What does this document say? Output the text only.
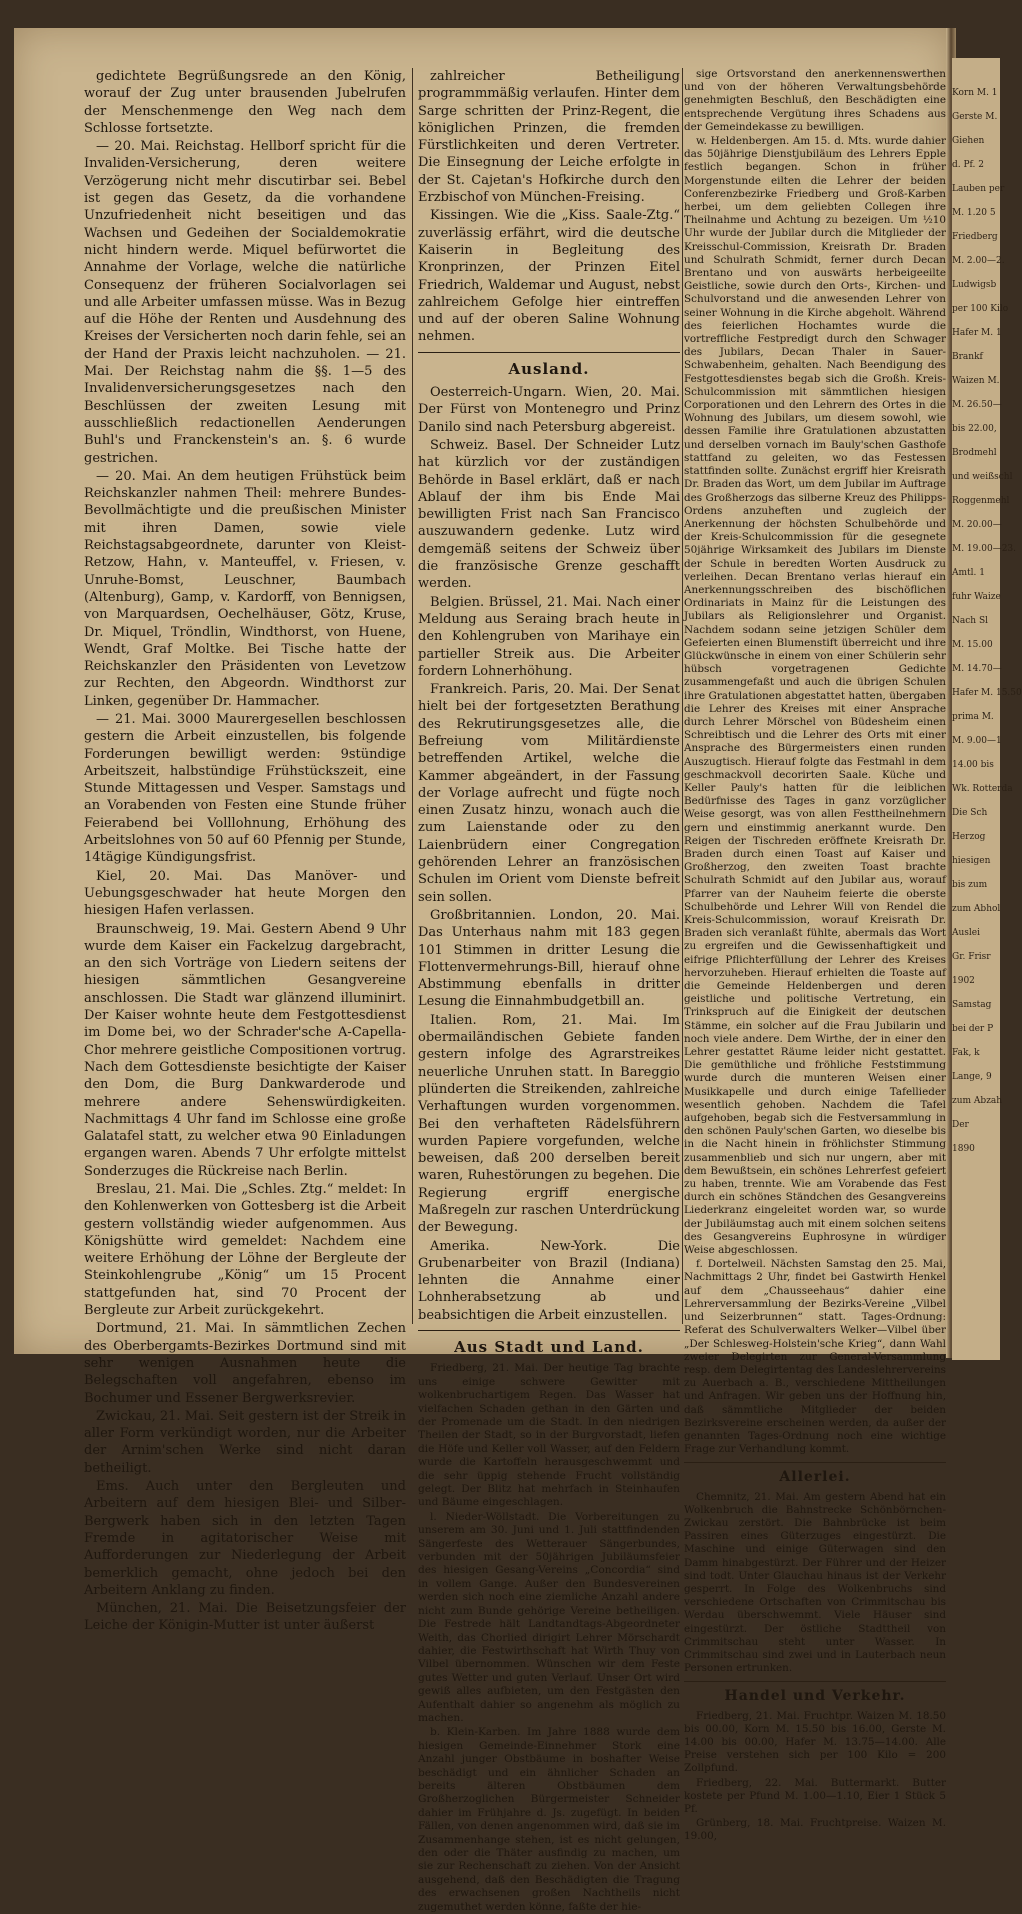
Korn M. 1
Gerste M.
Giehen
d. Pf. 2
Lauben per
M. 1.20 5
Friedberg
M. 2.00—2.
Ludwigsb
per 100 Kilo
Hafer M. 1
Brankf
Waizen M.
M. 26.50—
bis 22.00,
Brodmehl
und weißschl
Roggenmehl
M. 20.00—
M. 19.00—23.
Amtl. 1
fuhr Waize
Nach Sl
M. 15.00
M. 14.70—
Hafer M. 15.50
prima M.
M. 9.00—1
14.00 bis
Wk. Rotterda
Die Sch
Herzog
hiesigen
bis zum
zum Abhol
Auslei
Gr. Frisr
1902
Samstag
bei der P
Fak, k
Lange, 9
zum Abzah
Der
1890

gedichtete Begrüßungsrede an den König, worauf der Zug unter brausenden Jubelrufen der Menschenmenge den Weg nach dem Schlosse fortsetzte.

— 20. Mai. Reichstag. Hellborf spricht für die Invaliden-Versicherung, deren weitere Verzögerung nicht mehr discutirbar sei. Bebel ist gegen das Gesetz, da die vorhandene Unzufriedenheit nicht beseitigen und das Wachsen und Gedeihen der Socialdemokratie nicht hindern werde. Miquel befürwortet die Annahme der Vorlage, welche die natürliche Consequenz der früheren Socialvorlagen sei und alle Arbeiter umfassen müsse. Was in Bezug auf die Höhe der Renten und Ausdehnung des Kreises der Versicherten noch darin fehle, sei an der Hand der Praxis leicht nachzuholen. — 21. Mai. Der Reichstag nahm die §§. 1—5 des Invalidenversicherungsgesetzes nach den Beschlüssen der zweiten Lesung mit ausschließlich redactionellen Aenderungen Buhl's und Franckenstein's an. §. 6 wurde gestrichen.

— 20. Mai. An dem heutigen Frühstück beim Reichskanzler nahmen Theil: mehrere Bundes-Bevollmächtigte und die preußischen Minister mit ihren Damen, sowie viele Reichstagsabgeordnete, darunter von Kleist-Retzow, Hahn, v. Manteuffel, v. Friesen, v. Unruhe-Bomst, Leuschner, Baumbach (Altenburg), Gamp, v. Kardorff, von Bennigsen, von Marquardsen, Oechelhäuser, Götz, Kruse, Dr. Miquel, Tröndlin, Windthorst, von Huene, Wendt, Graf Moltke. Bei Tische hatte der Reichskanzler den Präsidenten von Levetzow zur Rechten, den Abgeordn. Windthorst zur Linken, gegenüber Dr. Hammacher.

— 21. Mai. 3000 Maurergesellen beschlossen gestern die Arbeit einzustellen, bis folgende Forderungen bewilligt werden: 9stündige Arbeitszeit, halbstündige Frühstückszeit, eine Stunde Mittagessen und Vesper. Samstags und an Vorabenden von Festen eine Stunde früher Feierabend bei Volllohnung, Erhöhung des Arbeitslohnes von 50 auf 60 Pfennig per Stunde, 14tägige Kündigungsfrist.

Kiel, 20. Mai. Das Manöver- und Uebungsgeschwader hat heute Morgen den hiesigen Hafen verlassen.

Braunschweig, 19. Mai. Gestern Abend 9 Uhr wurde dem Kaiser ein Fackelzug dargebracht, an den sich Vorträge von Liedern seitens der hiesigen sämmtlichen Gesangvereine anschlossen. Die Stadt war glänzend illuminirt. Der Kaiser wohnte heute dem Festgottesdienst im Dome bei, wo der Schrader'sche A-Capella-Chor mehrere geistliche Compositionen vortrug. Nach dem Gottesdienste besichtigte der Kaiser den Dom, die Burg Dankwarderode und mehrere andere Sehenswürdigkeiten. Nachmittags 4 Uhr fand im Schlosse eine große Galatafel statt, zu welcher etwa 90 Einladungen ergangen waren. Abends 7 Uhr erfolgte mittelst Sonderzuges die Rückreise nach Berlin.

Breslau, 21. Mai. Die „Schles. Ztg.“ meldet: In den Kohlenwerken von Gottesberg ist die Arbeit gestern vollständig wieder aufgenommen. Aus Königshütte wird gemeldet: Nachdem eine weitere Erhöhung der Löhne der Bergleute der Steinkohlengrube „König“ um 15 Procent stattgefunden hat, sind 70 Procent der Bergleute zur Arbeit zurückgekehrt.

Dortmund, 21. Mai. In sämmtlichen Zechen des Oberbergamts-Bezirkes Dortmund sind mit sehr wenigen Ausnahmen heute die Belegschaften voll angefahren, ebenso im Bochumer und Essener Bergwerksrevier.

Zwickau, 21. Mai. Seit gestern ist der Streik in aller Form verkündigt worden, nur die Arbeiter der Arnim'schen Werke sind nicht daran betheiligt.

Ems. Auch unter den Bergleuten und Arbeitern auf dem hiesigen Blei- und Silber-Bergwerk haben sich in den letzten Tagen Fremde in agitatorischer Weise mit Aufforderungen zur Niederlegung der Arbeit bemerklich gemacht, ohne jedoch bei den Arbeitern Anklang zu finden.

München, 21. Mai. Die Beisetzungsfeier der Leiche der Königin-Mutter ist unter äußerst

zahlreicher Betheiligung programmmäßig verlaufen. Hinter dem Sarge schritten der Prinz-Regent, die königlichen Prinzen, die fremden Fürstlichkeiten und deren Vertreter. Die Einsegnung der Leiche erfolgte in der St. Cajetan's Hofkirche durch den Erzbischof von München-Freising.

Kissingen. Wie die „Kiss. Saale-Ztg.“ zuverlässig erfährt, wird die deutsche Kaiserin in Begleitung des Kronprinzen, der Prinzen Eitel Friedrich, Waldemar und August, nebst zahlreichem Gefolge hier eintreffen und auf der oberen Saline Wohnung nehmen.

Ausland.

Oesterreich-Ungarn. Wien, 20. Mai. Der Fürst von Montenegro und Prinz Danilo sind nach Petersburg abgereist.

Schweiz. Basel. Der Schneider Lutz hat kürzlich vor der zuständigen Behörde in Basel erklärt, daß er nach Ablauf der ihm bis Ende Mai bewilligten Frist nach San Francisco auszuwandern gedenke. Lutz wird demgemäß seitens der Schweiz über die französische Grenze geschafft werden.

Belgien. Brüssel, 21. Mai. Nach einer Meldung aus Seraing brach heute in den Kohlengruben von Marihaye ein partieller Streik aus. Die Arbeiter fordern Lohnerhöhung.

Frankreich. Paris, 20. Mai. Der Senat hielt bei der fortgesetzten Berathung des Rekrutirungsgesetzes alle, die Befreiung vom Militärdienste betreffenden Artikel, welche die Kammer abgeändert, in der Fassung der Vorlage aufrecht und fügte noch einen Zusatz hinzu, wonach auch die zum Laienstande oder zu den Laienbrüdern einer Congregation gehörenden Lehrer an französischen Schulen im Orient vom Dienste befreit sein sollen.

Großbritannien. London, 20. Mai. Das Unterhaus nahm mit 183 gegen 101 Stimmen in dritter Lesung die Flottenvermehrungs-Bill, hierauf ohne Abstimmung ebenfalls in dritter Lesung die Einnahmbudgetbill an.

Italien. Rom, 21. Mai. Im obermailändischen Gebiete fanden gestern infolge des Agrarstreikes neuerliche Unruhen statt. In Bareggio plünderten die Streikenden, zahlreiche Verhaftungen wurden vorgenommen. Bei den verhafteten Rädelsführern wurden Papiere vorgefunden, welche beweisen, daß 200 derselben bereit waren, Ruhestörungen zu begehen. Die Regierung ergriff energische Maßregeln zur raschen Unterdrückung der Bewegung.

Amerika. New-York. Die Grubenarbeiter von Brazil (Indiana) lehnten die Annahme einer Lohnherabsetzung ab und beabsichtigen die Arbeit einzustellen.

Aus Stadt und Land.

Friedberg, 21. Mai. Der heutige Tag brachte uns einige schwere Gewitter mit wolkenbruchartigem Regen. Das Wasser hat vielfachen Schaden gethan in den Gärten und der Promenade um die Stadt. In den niedrigen Theilen der Stadt, so in der Burgvorstadt, liefen die Höfe und Keller voll Wasser, auf den Feldern wurde die Kartoffeln herausgeschwemmt und die sehr üppig stehende Frucht vollständig gelegt. Der Blitz hat mehrfach in Steinhaufen und Bäume eingeschlagen.

l. Nieder-Wöllstadt. Die Vorbereitungen zu unserem am 30. Juni und 1. Juli stattfindenden Sängerfeste des Wetterauer Sängerbundes, verbunden mit der 50jährigen Jubiläumsfeier des hiesigen Gesang-Vereins „Concordia“ sind in vollem Gange. Außer den Bundesvereinen werden sich noch eine ziemliche Anzahl andere nicht zum Bunde gehörige Vereine betheiligen. Die Festrede hält Landtandtags-Abgeordneter Weith, das Chorlied dirigirt Lehrer Mörschardt dahier, die Festwirthschaft hat Wirth Thuy von Vilbel übernommen. Wünschen wir dem Feste gutes Wetter und guten Verlauf. Unser Ort wird gewiß alles aufbieten, um den Festgästen den Aufenthalt dahier so angenehm als möglich zu machen.

b. Klein-Karben. Im Jahre 1888 wurde dem hiesigen Gemeinde-Einnehmer Stork eine Anzahl junger Obstbäume in boshafter Weise beschädigt und ein ähnlicher Schaden an bereits älteren Obstbäumen dem Großherzoglichen Bürgermeister Schneider dahier im Frühjahre d. Js. zugefügt. In beiden Fällen, von denen angenommen wird, daß sie im Zusammenhange stehen, ist es nicht gelungen, den oder die Thäter ausfindig zu machen, um sie zur Rechenschaft zu ziehen. Von der Ansicht ausgehend, daß den Beschädigten die Tragung des erwachsenen großen Nachtheils nicht zugemuthet werden könne, faßte der hie-

sige Ortsvorstand den anerkennenswerthen und von der höheren Verwaltungsbehörde genehmigten Beschluß, den Beschädigten eine entsprechende Vergütung ihres Schadens aus der Gemeindekasse zu bewilligen.

w. Heldenbergen. Am 15. d. Mts. wurde dahier das 50jährige Dienstjubiläum des Lehrers Epple festlich begangen. Schon in früher Morgenstunde eilten die Lehrer der beiden Conferenzbezirke Friedberg und Groß-Karben herbei, um dem geliebten Collegen ihre Theilnahme und Achtung zu bezeigen. Um ½10 Uhr wurde der Jubilar durch die Mitglieder der Kreisschul-Commission, Kreisrath Dr. Braden und Schulrath Schmidt, ferner durch Decan Brentano und von auswärts herbeigeeilte Geistliche, sowie durch den Orts-, Kirchen- und Schulvorstand und die anwesenden Lehrer von seiner Wohnung in die Kirche abgeholt. Während des feierlichen Hochamtes wurde die vortreffliche Festpredigt durch den Schwager des Jubilars, Decan Thaler in Sauer-Schwabenheim, gehalten. Nach Beendigung des Festgottesdienstes begab sich die Großh. Kreis-Schulcommission mit sämmtlichen hiesigen Corporationen und den Lehrern des Ortes in die Wohnung des Jubilars, um diesem sowohl, wie dessen Familie ihre Gratulationen abzustatten und derselben vornach im Bauly'schen Gasthofe stattfand zu geleiten, wo das Festessen stattfinden sollte. Zunächst ergriff hier Kreisrath Dr. Braden das Wort, um dem Jubilar im Auftrage des Großherzogs das silberne Kreuz des Philipps-Ordens anzuheften und zugleich der Anerkennung der höchsten Schulbehörde und der Kreis-Schulcommission für die gesegnete 50jährige Wirksamkeit des Jubilars im Dienste der Schule in beredten Worten Ausdruck zu verleihen. Decan Brentano verlas hierauf ein Anerkennungsschreiben des bischöflichen Ordinariats in Mainz für die Leistungen des Jubilars als Religionslehrer und Organist. Nachdem sodann seine jetzigen Schüler dem Gefeierten einen Blumenstift überreicht und ihre Glückwünsche in einem von einer Schülerin sehr hübsch vorgetragenen Gedichte zusammengefaßt und auch die übrigen Schulen ihre Gratulationen abgestattet hatten, übergaben die Lehrer des Kreises mit einer Ansprache durch Lehrer Mörschel von Büdesheim einen Schreibtisch und die Lehrer des Orts mit einer Ansprache des Bürgermeisters einen runden Auszugtisch. Hierauf folgte das Festmahl in dem geschmackvoll decorirten Saale. Küche und Keller Pauly's hatten für die leiblichen Bedürfnisse des Tages in ganz vorzüglicher Weise gesorgt, was von allen Festtheilnehmern gern und einstimmig anerkannt wurde. Den Reigen der Tischreden eröffnete Kreisrath Dr. Braden durch einen Toast auf Kaiser und Großherzog, den zweiten Toast brachte Schulrath Schmidt auf den Jubilar aus, worauf Pfarrer van der Nauheim feierte die oberste Schulbehörde und Lehrer Will von Rendel die Kreis-Schulcommission, worauf Kreisrath Dr. Braden sich veranlaßt fühlte, abermals das Wort zu ergreifen und die Gewissenhaftigkeit und eifrige Pflichterfüllung der Lehrer des Kreises hervorzuheben. Hierauf erhielten die Toaste auf die Gemeinde Heldenbergen und deren geistliche und politische Vertretung, ein Trinkspruch auf die Einigkeit der deutschen Stämme, ein solcher auf die Frau Jubilarin und noch viele andere. Dem Wirthe, der in einer den Lehrer gestattet Räume leider nicht gestattet. Die gemüthliche und fröhliche Feststimmung wurde durch die munteren Weisen einer Musikkapelle und durch einige Tafellieder wesentlich gehoben. Nachdem die Tafel aufgehoben, begab sich die Festversammlung in den schönen Pauly'schen Garten, wo dieselbe bis in die Nacht hinein in fröhlichster Stimmung zusammenblieb und sich nur ungern, aber mit dem Bewußtsein, ein schönes Lehrerfest gefeiert zu haben, trennte. Wie am Vorabende das Fest durch ein schönes Ständchen des Gesangvereins Liederkranz eingeleitet worden war, so wurde der Jubiläumstag auch mit einem solchen seitens des Gesangvereins Euphrosyne in würdiger Weise abgeschlossen.

f. Dortelweil. Nächsten Samstag den 25. Mai, Nachmittags 2 Uhr, findet bei Gastwirth Henkel auf dem „Chausseehaus“ dahier eine Lehrerversammlung der Bezirks-Vereine „Vilbel und Seizerbrunnen“ statt. Tages-Ordnung: Referat des Schulverwalters Welker—Vilbel über „Der Schlesweg-Holstein'sche Krieg“, dann Wahl zweier Delegirten zur General-Versammlung resp. dem Delegirtentag des Landeslehrervereins zu Auerbach a. B., verschiedene Mittheilungen und Anfragen. Wir geben uns der Hoffnung hin, daß sämmtliche Mitglieder der beiden Bezirksvereine erscheinen werden, da außer der genannten Tages-Ordnung noch eine wichtige Frage zur Verhandlung kommt.

Allerlei.

Chemnitz, 21. Mai. Am gestern Abend hat ein Wolkenbruch die Bahnstrecke Schönbörnchen-Zwickau zerstört. Die Bahnbrücke ist beim Passiren eines Güterzuges eingestürzt. Die Maschine und einige Güterwagen sind den Damm hinabgestürzt. Der Führer und der Heizer sind todt. Unter Glauchau hinaus ist der Verkehr gesperrt. In Folge des Wolkenbruchs sind verschiedene Ortschaften von Crimmitschau bis Werdau überschwemmt. Viele Häuser sind eingestürzt. Der östliche Stadttheil von Crimmitschau steht unter Wasser. In Crimmitschau sind zwei und in Lauterbach neun Personen ertrunken.

Handel und Verkehr.

Friedberg, 21. Mai. Fruchtpr. Waizen M. 18.50 bis 00.00, Korn M. 15.50 bis 16.00, Gerste M. 14.00 bis 00.00, Hafer M. 13.75—14.00. Alle Preise verstehen sich per 100 Kilo = 200 Zollpfund.

Friedberg, 22. Mai. Buttermarkt. Butter kostete per Pfund M. 1.00—1.10, Eier 1 Stück 5 Pf.

Grünberg, 18. Mai. Fruchtpreise. Waizen M. 19.00,
